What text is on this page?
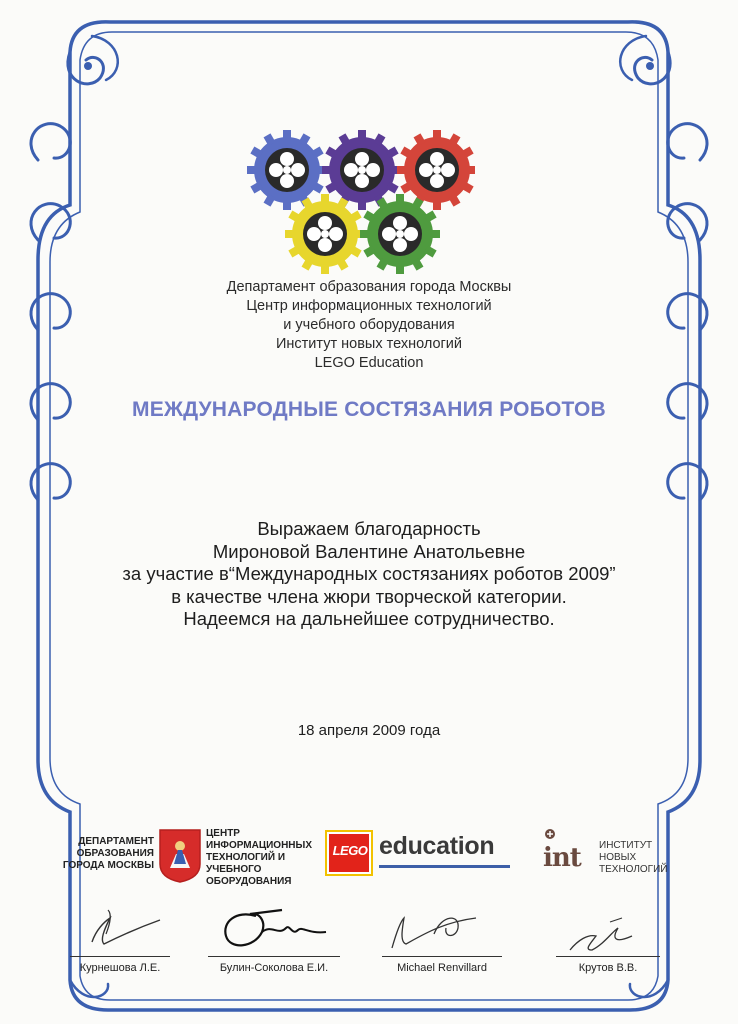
Департамент образования города Москвы
Центр информационных технологий
и учебного оборудования
Институт новых технологий
LEGO Education
МЕЖДУНАРОДНЫЕ СОСТЯЗАНИЯ РОБОТОВ
Выражаем благодарность
Мироновой Валентине Анатольевне
за участие в“Международных состязаниях роботов 2009”
в качестве члена жюри творческой категории.
Надеемся на дальнейшее сотрудничество.
18 апреля 2009 года
ДЕПАРТАМЕНТ
ОБРАЗОВАНИЯ
ГОРОДА МОСКВЫ
ЦЕНТР
ИНФОРМАЦИОННЫХ
ТЕХНОЛОГИЙ И
УЧЕБНОГО
ОБОРУДОВАНИЯ
LEGO education int ИНСТИТУТ
НОВЫХ
ТЕХНОЛОГИЙ
Курнешова Л.Е.	Булин-Соколова Е.И.	Michael Renvillard	Крутов В.В.
